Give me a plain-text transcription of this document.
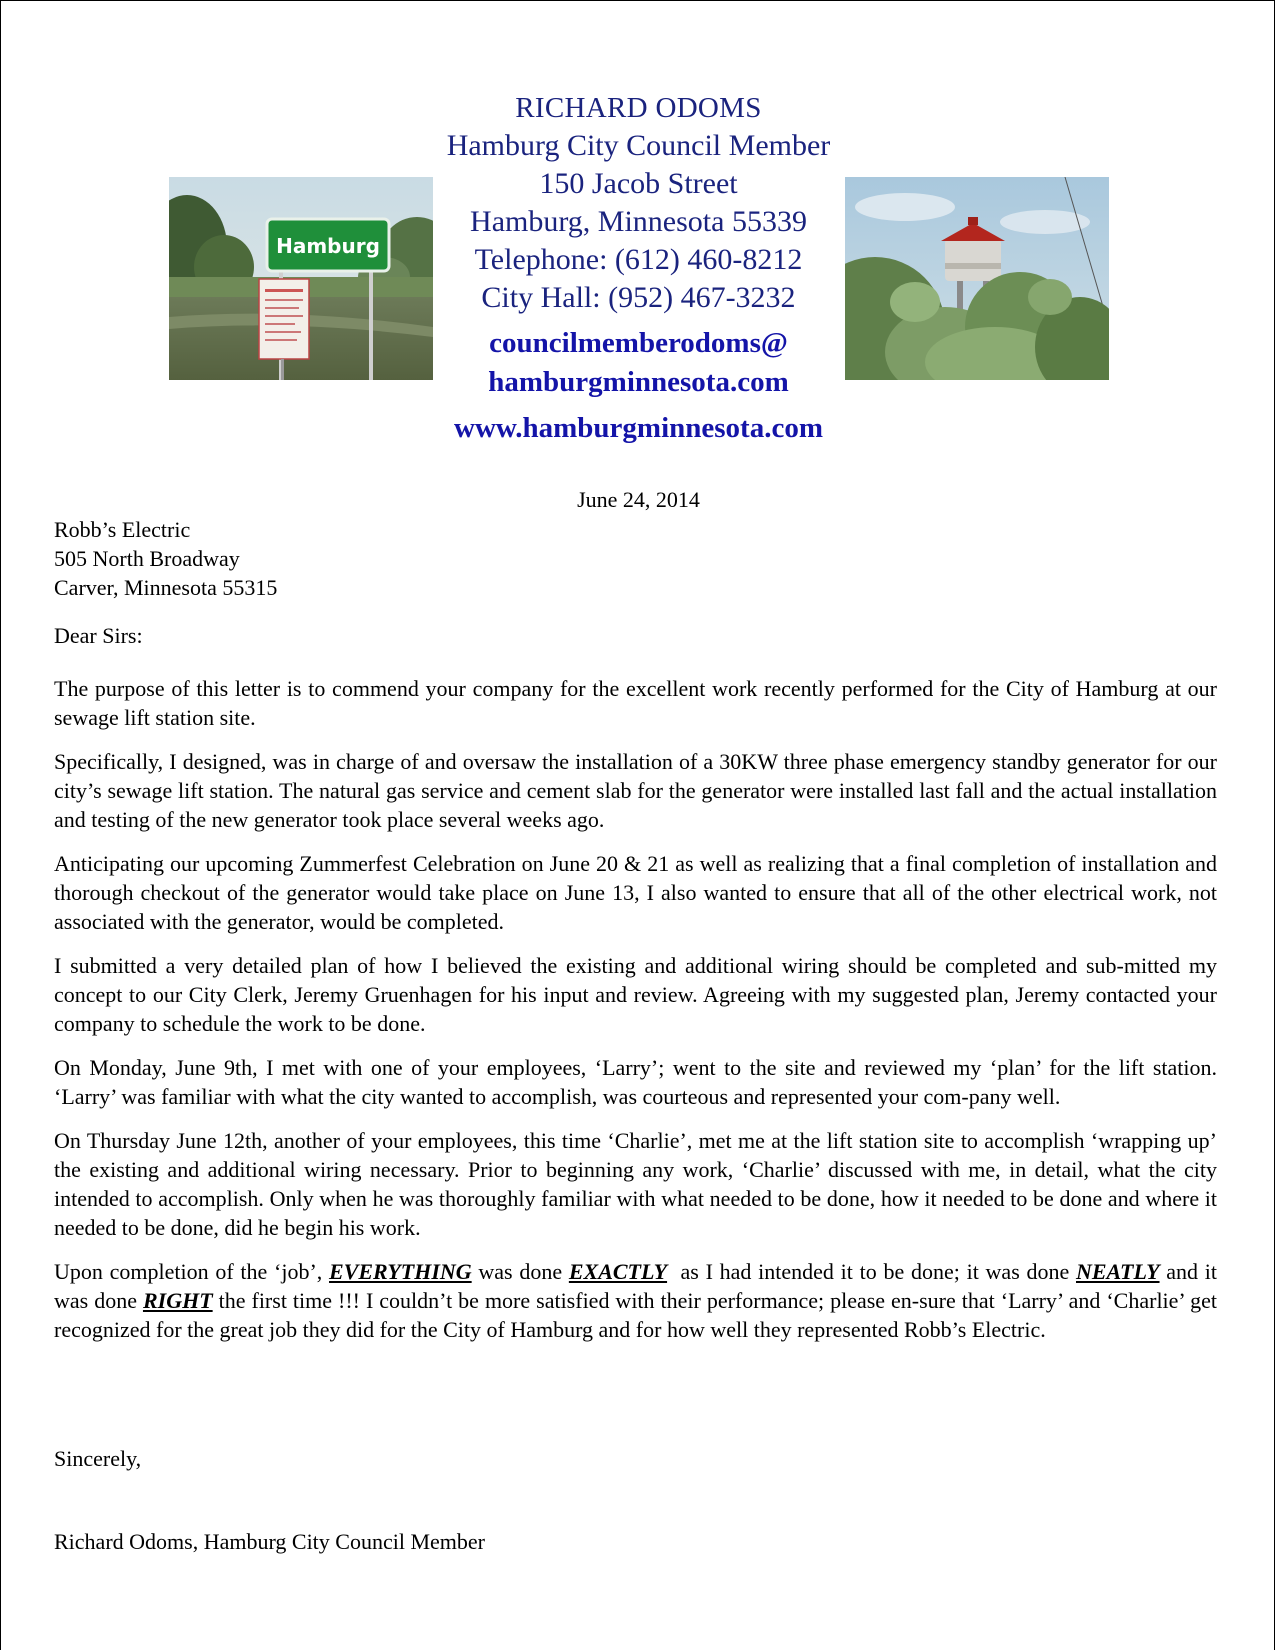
Hamburg
RICHARD ODOMS
Hamburg City Council Member
150 Jacob Street
Hamburg, Minnesota 55339
Telephone: (612) 460-8212
City Hall: (952) 467-3232
councilmemberodoms@
hamburgminnesota.com
www.hamburgminnesota.com
June 24, 2014
Robb’s Electric
505 North Broadway
Carver, Minnesota 55315
Dear Sirs:

The purpose of this letter is to commend your company for the excellent work recently performed for the City of Hamburg at our sewage lift station site.

Specifically, I designed, was in charge of and oversaw the installation of a 30KW three phase emergency standby generator for our city’s sewage lift station. The natural gas service and cement slab for the generator were installed last fall and the actual installation and testing of the new generator took place several weeks ago.

Anticipating our upcoming Zummerfest Celebration on June 20 & 21 as well as realizing that a final completion of installation and thorough checkout of the generator would take place on June 13, I also wanted to ensure that all of the other electrical work, not associated with the generator, would be completed.

I submitted a very detailed plan of how I believed the existing and additional wiring should be completed and sub-mitted my concept to our City Clerk, Jeremy Gruenhagen for his input and review. Agreeing with my suggested plan, Jeremy contacted your company to schedule the work to be done.

On Monday, June 9th, I met with one of your employees, ‘Larry’; went to the site and reviewed my ‘plan’ for the lift station. ‘Larry’ was familiar with what the city wanted to accomplish, was courteous and represented your com-pany well.

On Thursday June 12th, another of your employees, this time ‘Charlie’, met me at the lift station site to accomplish ‘wrapping up’ the existing and additional wiring necessary. Prior to beginning any work, ‘Charlie’ discussed with me, in detail, what the city intended to accomplish. Only when he was thoroughly familiar with what needed to be done, how it needed to be done and where it needed to be done, did he begin his work.

Upon completion of the ‘job’, EVERYTHING was done EXACTLY  as I had intended it to be done; it was done NEATLY and it was done RIGHT the first time !!! I couldn’t be more satisfied with their performance; please en-sure that ‘Larry’ and ‘Charlie’ get recognized for the great job they did for the City of Hamburg and for how well they represented Robb’s Electric.

Sincerely,
Richard Odoms, Hamburg City Council Member
